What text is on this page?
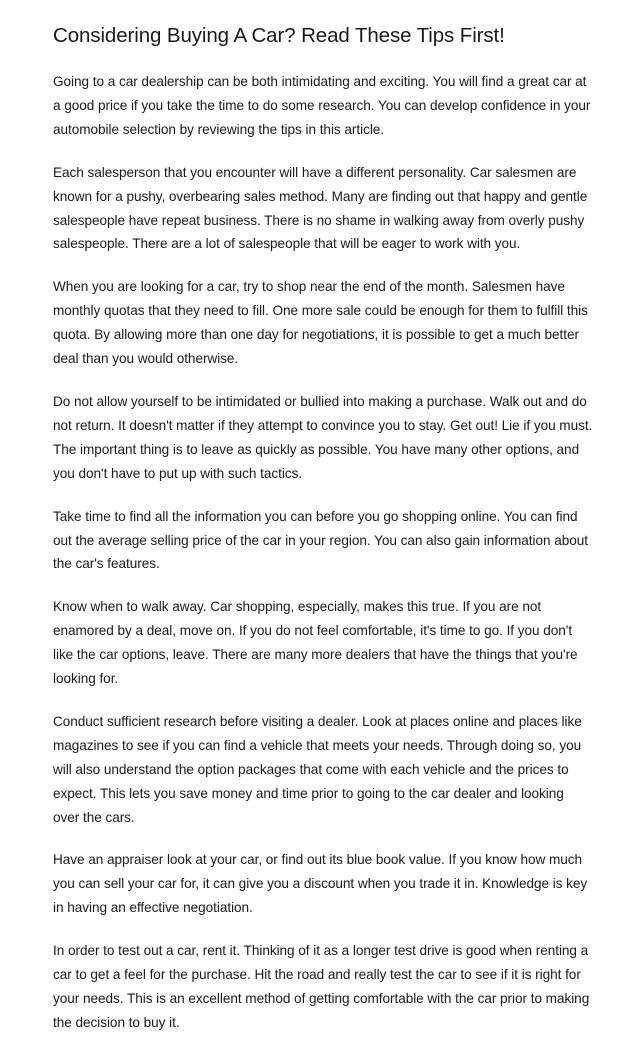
Considering Buying A Car? Read These Tips First!

Going to a car dealership can be both intimidating and exciting. You will find a great car at a good price if you take the time to do some research. You can develop confidence in your automobile selection by reviewing the tips in this article.

Each salesperson that you encounter will have a different personality. Car salesmen are known for a pushy, overbearing sales method. Many are finding out that happy and gentle salespeople have repeat business. There is no shame in walking away from overly pushy salespeople. There are a lot of salespeople that will be eager to work with you.

When you are looking for a car, try to shop near the end of the month. Salesmen have monthly quotas that they need to fill. One more sale could be enough for them to fulfill this quota. By allowing more than one day for negotiations, it is possible to get a much better deal than you would otherwise.

Do not allow yourself to be intimidated or bullied into making a purchase. Walk out and do not return. It doesn't matter if they attempt to convince you to stay. Get out! Lie if you must. The important thing is to leave as quickly as possible. You have many other options, and you don't have to put up with such tactics.

Take time to find all the information you can before you go shopping online. You can find out the average selling price of the car in your region. You can also gain information about the car's features.

Know when to walk away. Car shopping, especially, makes this true. If you are not enamored by a deal, move on. If you do not feel comfortable, it's time to go. If you don't like the car options, leave. There are many more dealers that have the things that you're looking for.

Conduct sufficient research before visiting a dealer. Look at places online and places like magazines to see if you can find a vehicle that meets your needs. Through doing so, you will also understand the option packages that come with each vehicle and the prices to expect. This lets you save money and time prior to going to the car dealer and looking over the cars.

Have an appraiser look at your car, or find out its blue book value. If you know how much you can sell your car for, it can give you a discount when you trade it in. Knowledge is key in having an effective negotiation.

In order to test out a car, rent it. Thinking of it as a longer test drive is good when renting a car to get a feel for the purchase. Hit the road and really test the car to see if it is right for your needs. This is an excellent method of getting comfortable with the car prior to making the decision to buy it.
